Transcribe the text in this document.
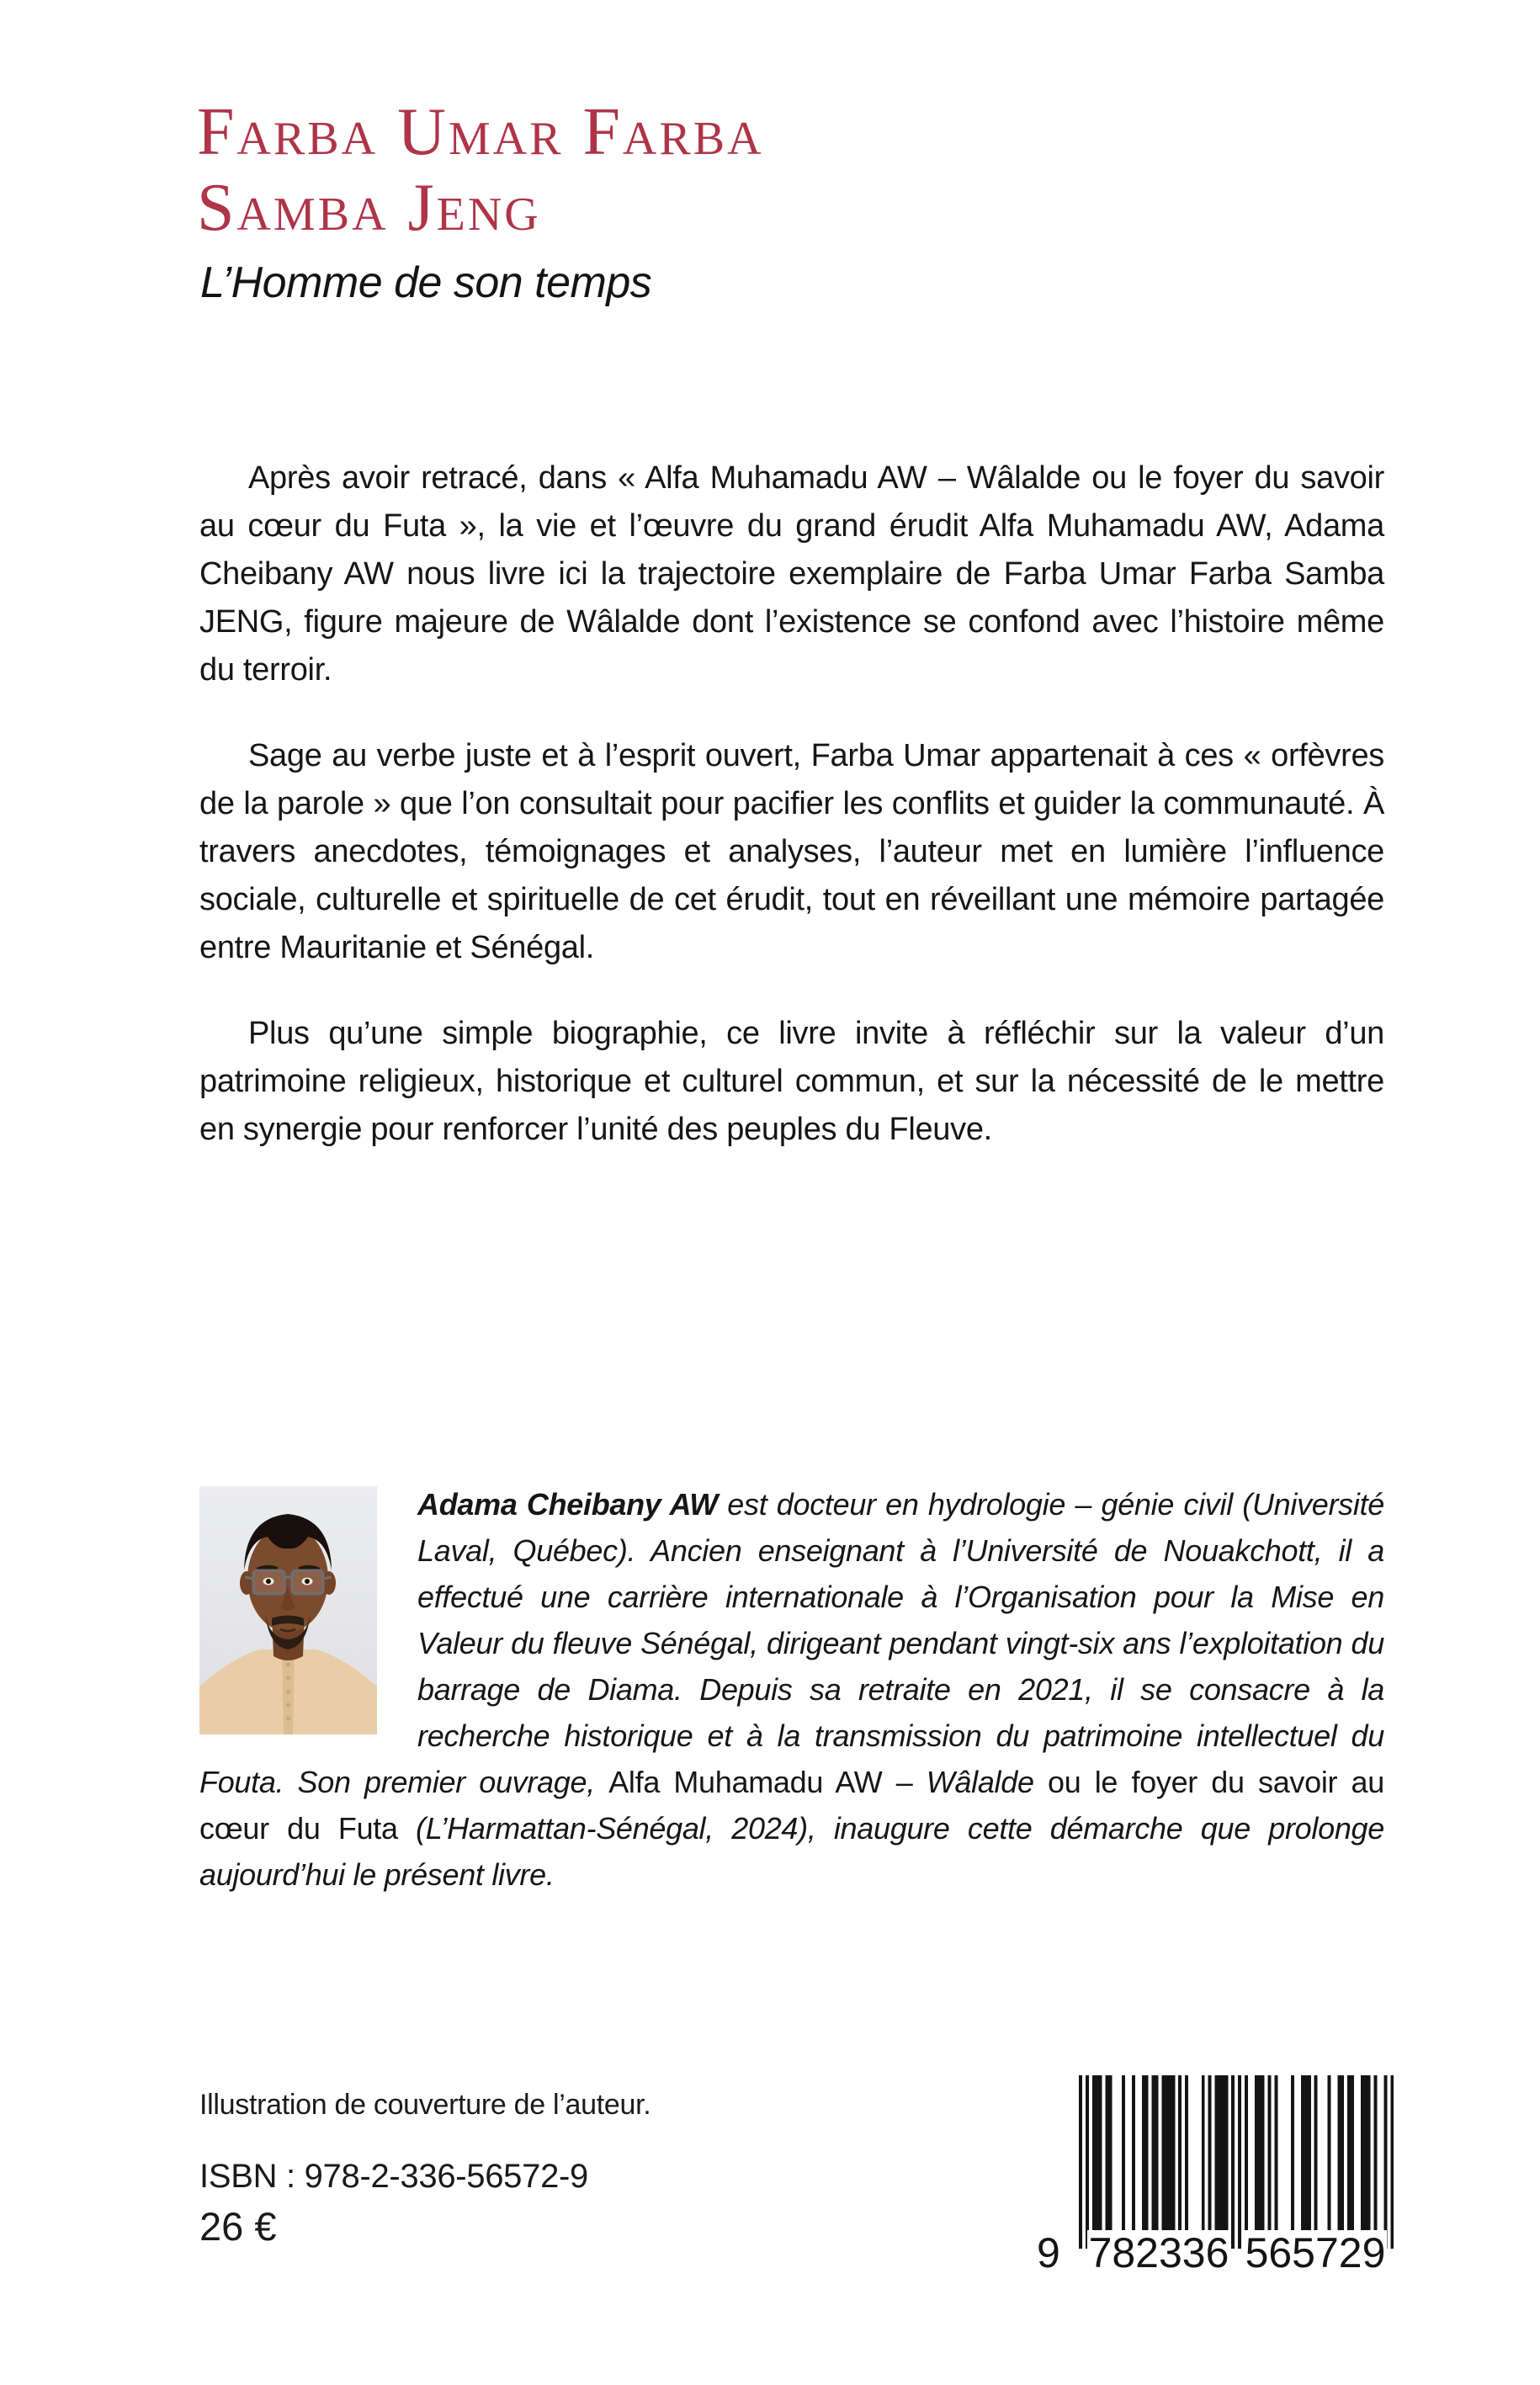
Farba Umar Farba
Samba Jeng
L’Homme de son temps

Après avoir retracé, dans « Alfa Muhamadu AW – Wâlalde ou le foyer du savoir au cœur du Futa », la vie et l’œuvre du grand érudit Alfa Muhamadu AW, Adama Cheibany AW nous livre ici la trajectoire exemplaire de Farba Umar Farba Samba JENG, figure majeure de Wâlalde dont l’existence se confond avec l’histoire même du terroir.

Sage au verbe juste et à l’esprit ouvert, Farba Umar appartenait à ces « orfèvres de la parole » que l’on consultait pour pacifier les conflits et guider la communauté. À travers anecdotes, témoignages et analyses, l’auteur met en lumière l’influence sociale, culturelle et spirituelle de cet érudit, tout en réveillant une mémoire partagée entre Mauritanie et Sénégal.

Plus qu’une simple biographie, ce livre invite à réfléchir sur la valeur d’un patrimoine religieux, historique et culturel commun, et sur la nécessité de le mettre en synergie pour renforcer l’unité des peuples du Fleuve.

Adama Cheibany AW est docteur en hydrologie – génie civil (Université Laval, Québec). Ancien enseignant à l’Université de Nouakchott, il a effectué une carrière internationale à l’Organisation pour la Mise en Valeur du fleuve Sénégal, dirigeant pendant vingt-six ans l’exploitation du barrage de Diama. Depuis sa retraite en 2021, il se consacre à la recherche historique et à la transmission du patrimoine intellectuel du Fouta. Son premier ouvrage, Alfa Muhamadu AW – Wâlalde ou le foyer du savoir au cœur du Futa (L’Harmattan-Sénégal, 2024), inaugure cette démarche que prolonge aujourd’hui le présent livre.
Illustration de couverture de l’auteur.
ISBN : 978-2-336-56572-9
26 €
9 782336 565729
